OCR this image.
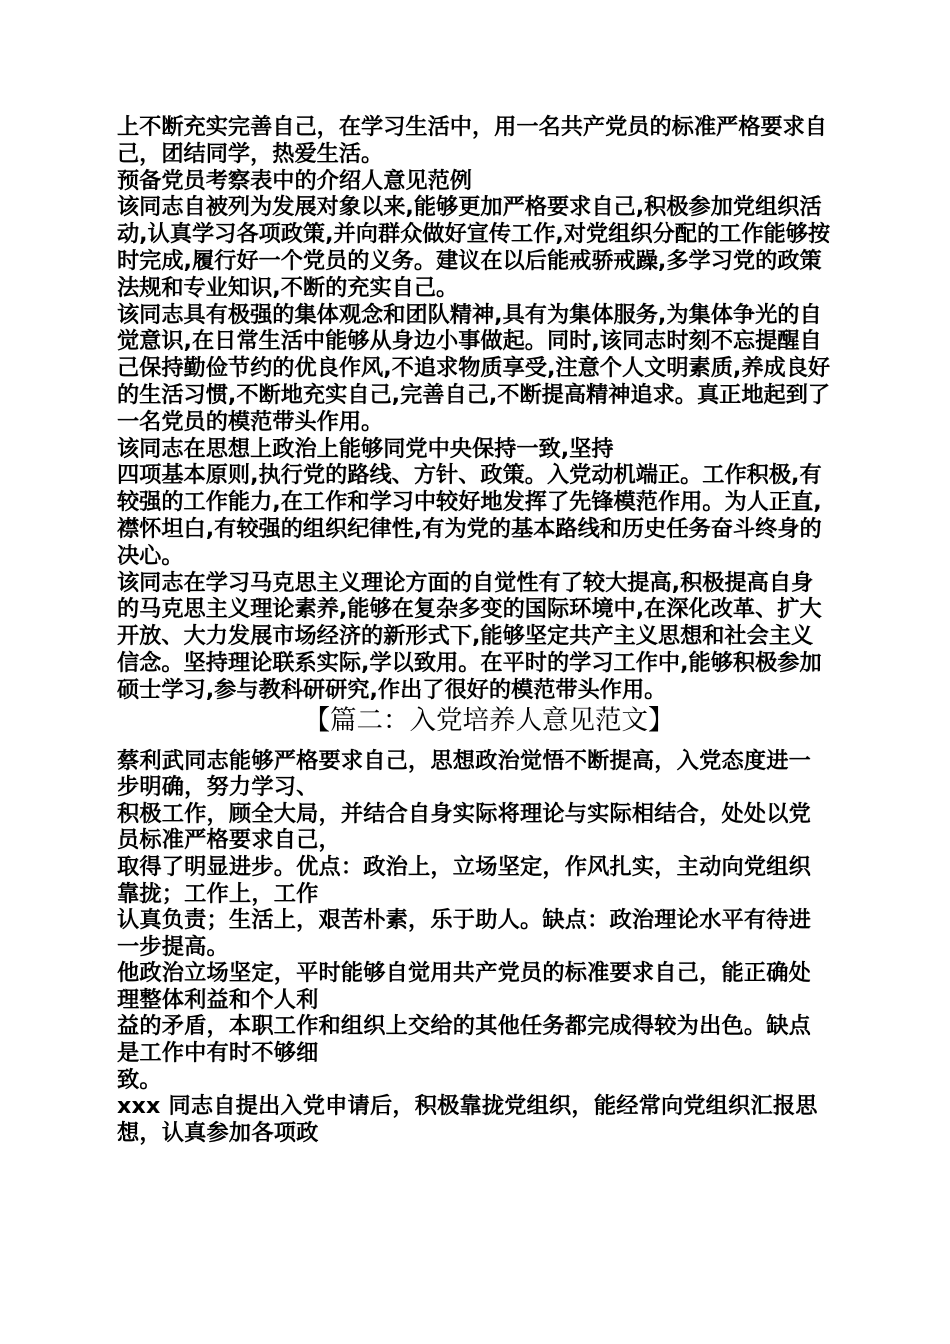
上不断充实完善自己，在学习生活中，用一名共产党员的标准严格要求自己，团结同学，热爱生活。

预备党员考察表中的介绍人意见范例

该同志自被列为发展对象以来,能够更加严格要求自己,积极参加党组织活动,认真学习各项政策,并向群众做好宣传工作,对党组织分配的工作能够按时完成,履行好一个党员的义务。建议在以后能戒骄戒躁,多学习党的政策法规和专业知识,不断的充实自己。

该同志具有极强的集体观念和团队精神,具有为集体服务,为集体争光的自觉意识,在日常生活中能够从身边小事做起。同时,该同志时刻不忘提醒自己保持勤俭节约的优良作风,不追求物质享受,注意个人文明素质,养成良好的生活习惯,不断地充实自己,完善自己,不断提高精神追求。真正地起到了一名党员的模范带头作用。

该同志在思想上政治上能够同党中央保持一致,坚持

四项基本原则,执行党的路线、方针、政策。入党动机端正。工作积极,有较强的工作能力,在工作和学习中较好地发挥了先锋模范作用。为人正直,襟怀坦白,有较强的组织纪律性,有为党的基本路线和历史任务奋斗终身的决心。

该同志在学习马克思主义理论方面的自觉性有了较大提高,积极提高自身的马克思主义理论素养,能够在复杂多变的国际环境中,在深化改革、扩大开放、大力发展市场经济的新形式下,能够坚定共产主义思想和社会主义信念。坚持理论联系实际,学以致用。在平时的学习工作中,能够积极参加硕士学习,参与教科研研究,作出了很好的模范带头作用。

【篇二：入党培养人意见范文】

蔡利武同志能够严格要求自己，思想政治觉悟不断提高，入党态度进一步明确，努力学习、

积极工作，顾全大局，并结合自身实际将理论与实际相结合，处处以党员标准严格要求自己，

取得了明显进步。优点：政治上，立场坚定，作风扎实，主动向党组织靠拢；工作上，工作

认真负责；生活上，艰苦朴素，乐于助人。缺点：政治理论水平有待进一步提高。

他政治立场坚定，平时能够自觉用共产党员的标准要求自己，能正确处理整体利益和个人利

益的矛盾，本职工作和组织上交给的其他任务都完成得较为出色。缺点是工作中有时不够细

致。

xxx 同志自提出入党申请后，积极靠拢党组织，能经常向党组织汇报思想，认真参加各项政
